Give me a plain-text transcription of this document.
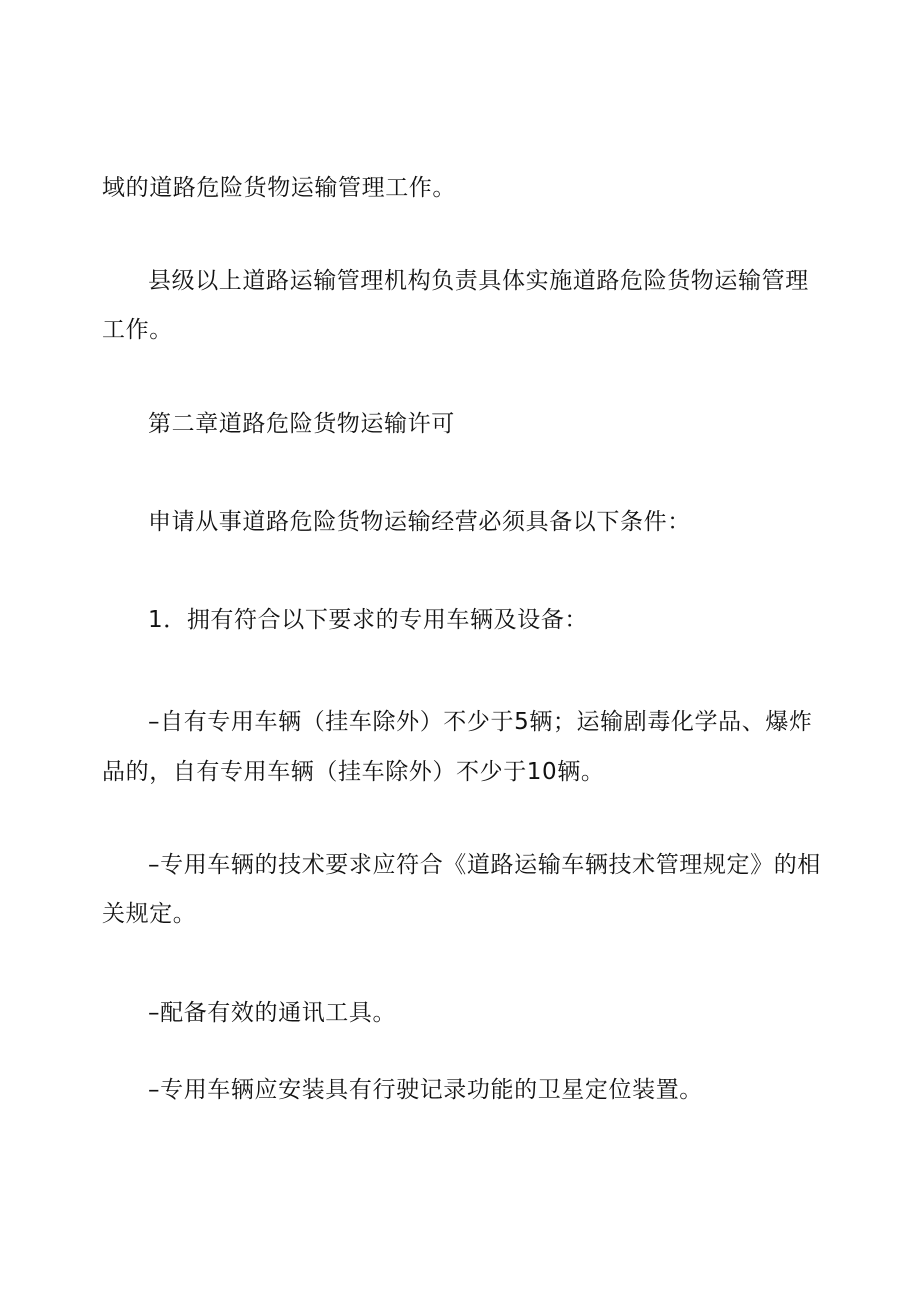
域的道路危险货物运输管理工作。
县级以上道路运输管理机构负责具体实施道路危险货物运输管理
工作。
第二章道路危险货物运输许可
申请从事道路危险货物运输经营必须具备以下条件：
1．拥有符合以下要求的专用车辆及设备：
–自有专用车辆（挂车除外）不少于5辆；运输剧毒化学品、爆炸
品的，自有专用车辆（挂车除外）不少于10辆。
–专用车辆的技术要求应符合《道路运输车辆技术管理规定》的相
关规定。
–配备有效的通讯工具。
–专用车辆应安装具有行驶记录功能的卫星定位装置。
